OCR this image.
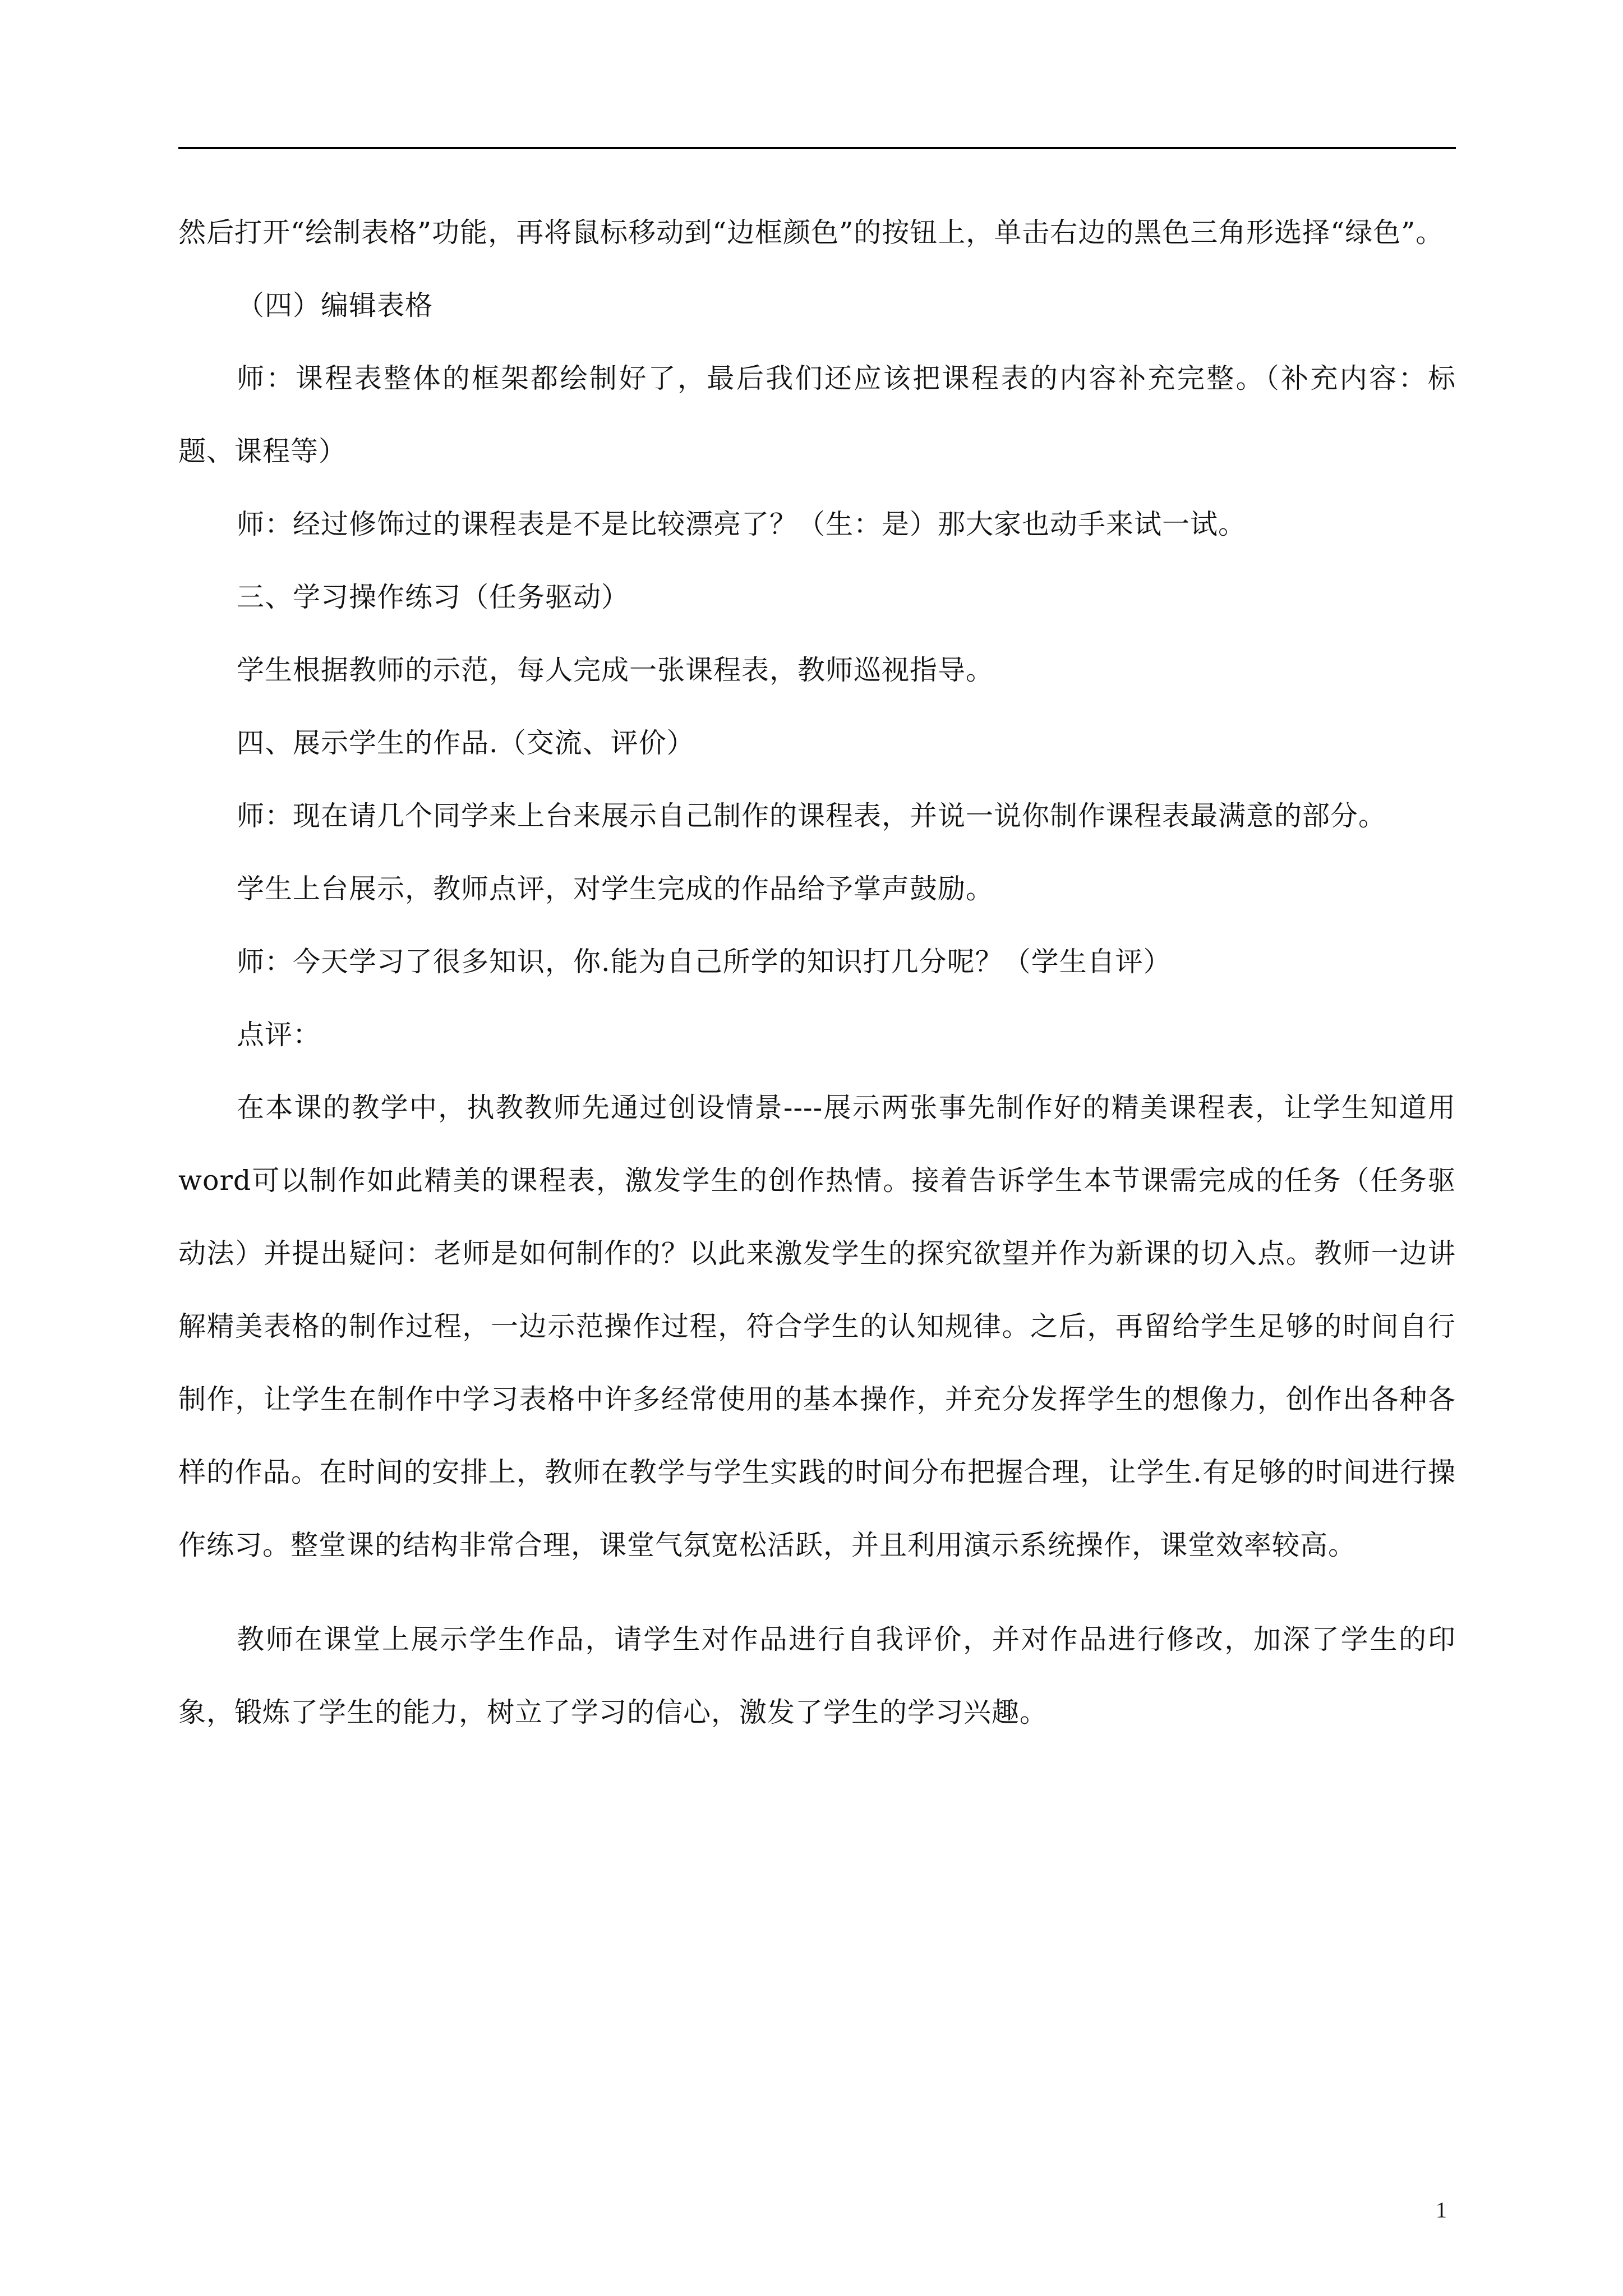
然后打开“绘制表格”功能，再将鼠标移动到“边框颜色”的按钮上，单击右边的黑色三角形选择“绿色”。

（四）编辑表格

师：课程表整体的框架都绘制好了，最后我们还应该把课程表的内容补充完整。（补充内容：标题、课程等）

师：经过修饰过的课程表是不是比较漂亮了？（生：是）那大家也动手来试一试。

三、学习操作练习（任务驱动）

学生根据教师的示范，每人完成一张课程表，教师巡视指导。

四、展示学生的作品.（交流、评价）

师：现在请几个同学来上台来展示自己制作的课程表，并说一说你制作课程表最满意的部分。

学生上台展示，教师点评，对学生完成的作品给予掌声鼓励。

师：今天学习了很多知识，你.能为自己所学的知识打几分呢？（学生自评）

点评：

在本课的教学中，执教教师先通过创设情景----展示两张事先制作好的精美课程表，让学生知道用word可以制作如此精美的课程表，激发学生的创作热情。接着告诉学生本节课需完成的任务（任务驱动法）并提出疑问：老师是如何制作的？以此来激发学生的探究欲望并作为新课的切入点。教师一边讲解精美表格的制作过程，一边示范操作过程，符合学生的认知规律。之后，再留给学生足够的时间自行制作，让学生在制作中学习表格中许多经常使用的基本操作，并充分发挥学生的想像力，创作出各种各样的作品。在时间的安排上，教师在教学与学生实践的时间分布把握合理，让学生.有足够的时间进行操作练习。整堂课的结构非常合理，课堂气氛宽松活跃，并且利用演示系统操作，课堂效率较高。

教师在课堂上展示学生作品，请学生对作品进行自我评价，并对作品进行修改，加深了学生的印象，锻炼了学生的能力，树立了学习的信心，激发了学生的学习兴趣。

1
